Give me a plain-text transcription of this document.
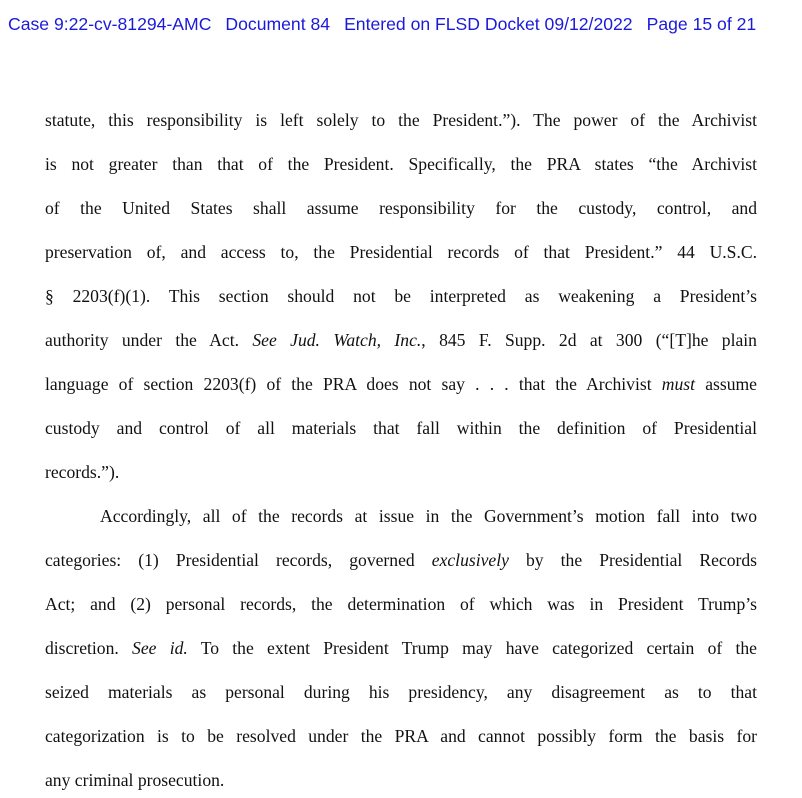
Case 9:22-cv-81294-AMC Document 84 Entered on FLSD Docket 09/12/2022 Page 15 of 21
statute, this responsibility is left solely to the President.”). The power of the Archivist
is not greater than that of the President. Specifically, the PRA states “the Archivist
of the United States shall assume responsibility for the custody, control, and
preservation of, and access to, the Presidential records of that President.” 44 U.S.C.
§ 2203(f)(1). This section should not be interpreted as weakening a President’s
authority under the Act. See Jud. Watch, Inc., 845 F. Supp. 2d at 300 (“[T]he plain
language of section 2203(f) of the PRA does not say . . . that the Archivist must assume
custody and control of all materials that fall within the definition of Presidential
records.”).
Accordingly, all of the records at issue in the Government’s motion fall into two
categories: (1) Presidential records, governed exclusively by the Presidential Records
Act; and (2) personal records, the determination of which was in President Trump’s
discretion. See id. To the extent President Trump may have categorized certain of the
seized materials as personal during his presidency, any disagreement as to that
categorization is to be resolved under the PRA and cannot possibly form the basis for
any criminal prosecution.
